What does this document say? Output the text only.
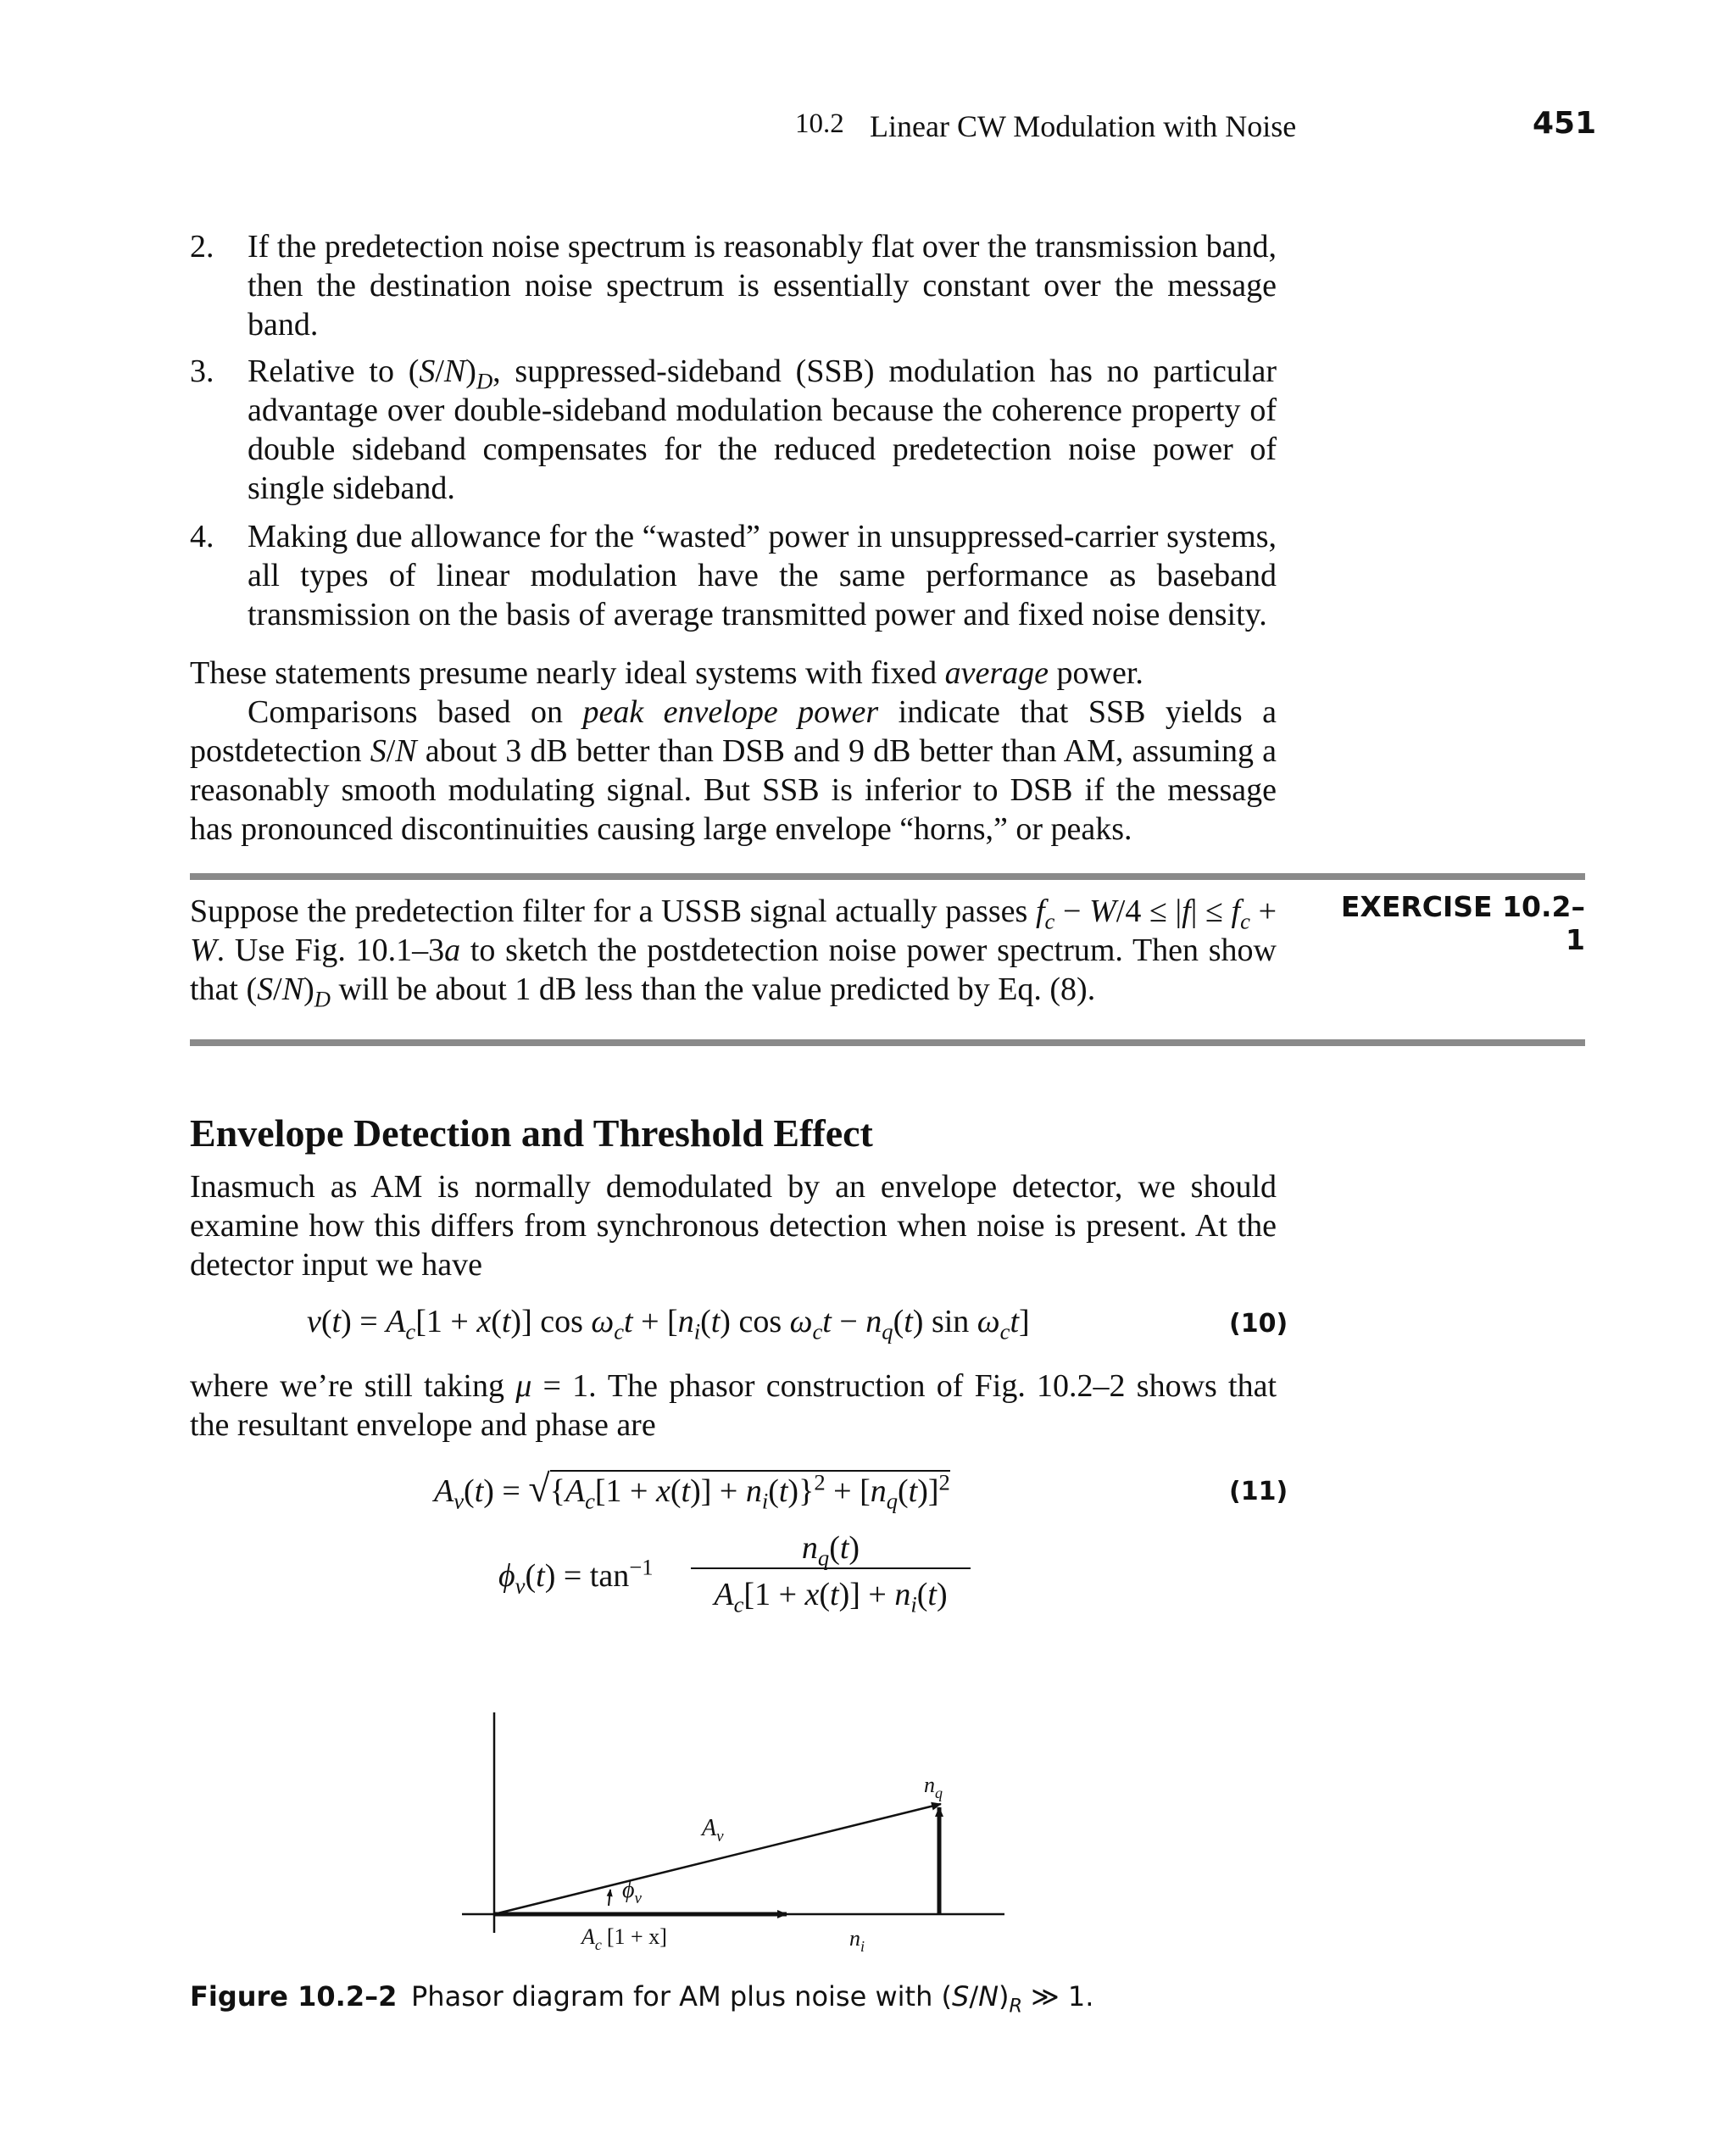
10.2 Linear CW Modulation with Noise	451
2. If the predetection noise spectrum is reasonably flat over the transmission band, then the destination noise spectrum is essentially constant over the message band.
3. Relative to $(S/N)_D$, suppressed-sideband (SSB) modulation has no particular advantage over double-sideband modulation because the coherence property of double sideband compensates for the reduced predetection noise power of single sideband.
4. Making due allowance for the “wasted” power in unsuppressed-carrier systems, all types of linear modulation have the same performance as baseband transmission on the basis of average transmitted power and fixed noise density.
These statements presume nearly ideal systems with fixed average power.
Comparisons based on peak envelope power indicate that SSB yields a postdetection S/N about 3 dB better than DSB and 9 dB better than AM, assuming a reasonably smooth modulating signal. But SSB is inferior to DSB if the message has pronounced discontinuities causing large envelope “horns,” or peaks.
EXERCISE 10.2–1
Suppose the predetection filter for a USSB signal actually passes $f_c - W/4 \le |f| \le f_c + W$. Use Fig. 10.1–3a to sketch the postdetection noise power spectrum. Then show that $(S/N)_D$ will be about 1 dB less than the value predicted by Eq. (8).
Envelope Detection and Threshold Effect
Inasmuch as AM is normally demodulated by an envelope detector, we should examine how this differs from synchronous detection when noise is present. At the detector input we have
$v(t) = A_c[1 + x(t)]$ $\cos \omega_ct + [n_i(t)$ $\cos \omega_ct - n_q(t)$ $\sin \omega_ct$]	(10)
where we’re still taking μ = 1. The phasor construction of Fig. 10.2–2 shows that the resultant envelope and phase are
$A_v(t) = √\{A_c[1 + x(t)] + n_i(t)\}^2 + [n_q(t)]^2$	(11)
$\phi_v(t) = \tan^{-1}$
$n_q(t)$
$A_c[1 + x(t)] + n_i(t)$
$A_v$
$\phi_v$
$A_c$ [1 + x]	$n_i$
$n_q$
Figure 10.2–2 Phasor diagram for AM plus noise with $(S/N)_R$ ≫ 1.
